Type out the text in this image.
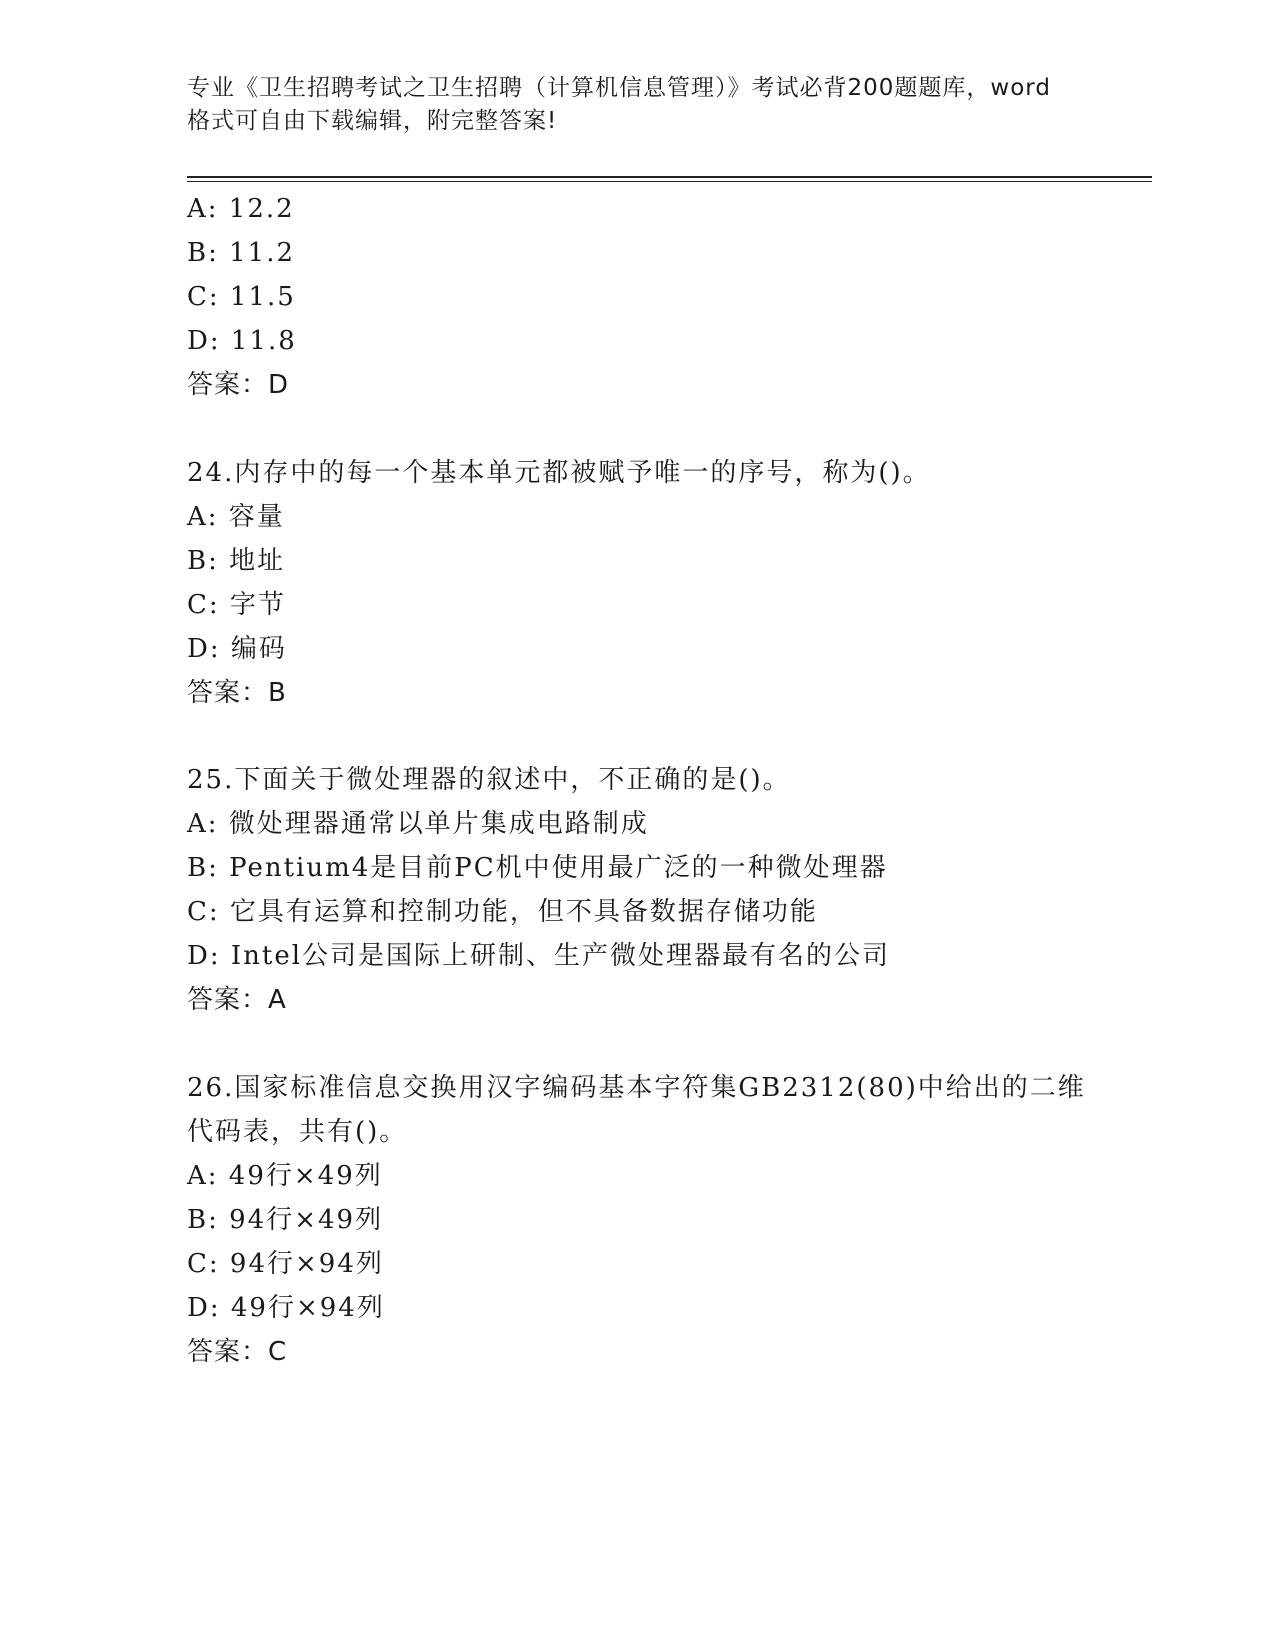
专业《卫生招聘考试之卫生招聘（计算机信息管理）》考试必背200题题库，word
格式可自由下载编辑，附完整答案!
A: 12.2
B: 11.2
C: 11.5
D: 11.8
答案：D
24.内存中的每一个基本单元都被赋予唯一的序号，称为()。
A: 容量
B: 地址
C: 字节
D: 编码
答案：B
25.下面关于微处理器的叙述中，不正确的是()。
A: 微处理器通常以单片集成电路制成
B: Pentium4是目前PC机中使用最广泛的一种微处理器
C: 它具有运算和控制功能，但不具备数据存储功能
D: Intel公司是国际上研制、生产微处理器最有名的公司
答案：A
26.国家标准信息交换用汉字编码基本字符集GB2312(80)中给出的二维
代码表，共有()。
A: 49行×49列
B: 94行×49列
C: 94行×94列
D: 49行×94列
答案：C
